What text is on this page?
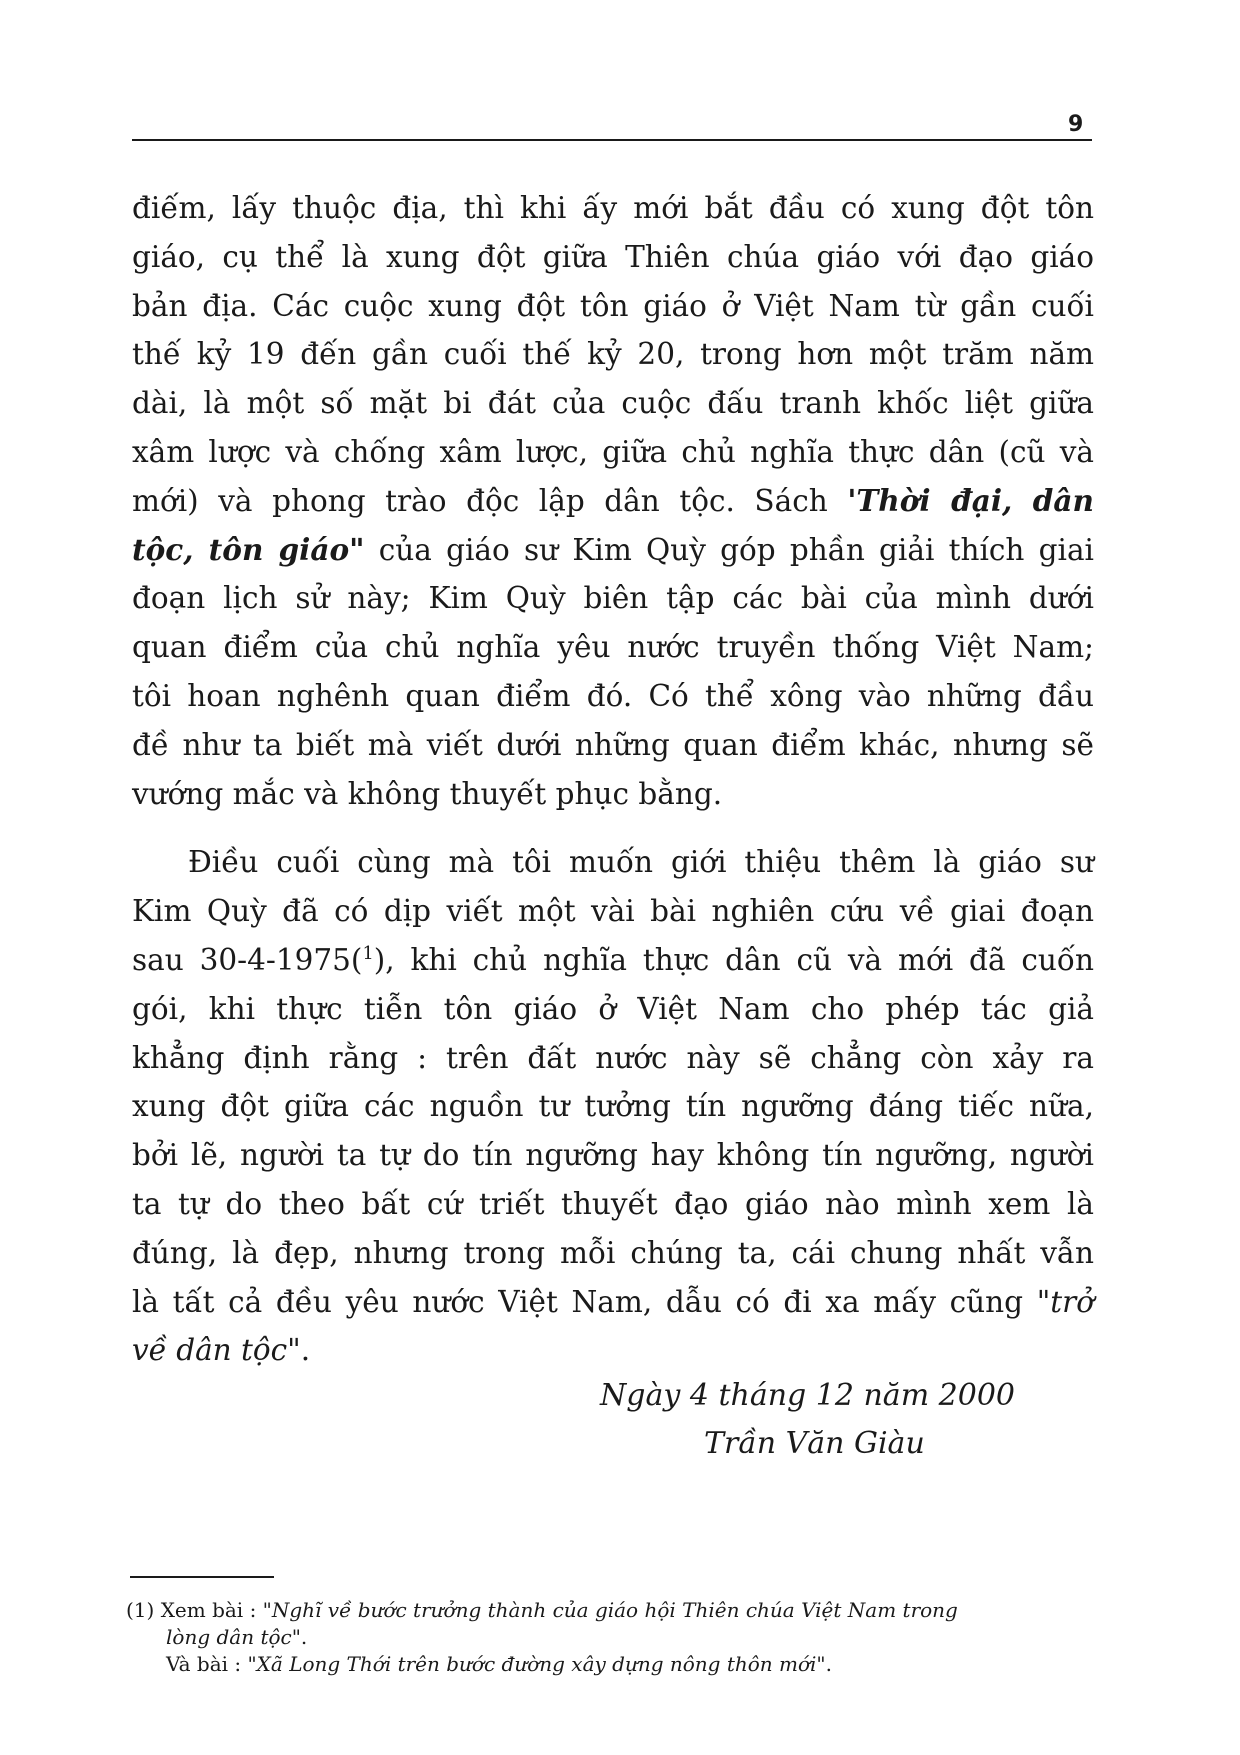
9
điếm, lấy thuộc địa, thì khi ấy mới bắt đầu có xung đột tôn
giáo, cụ thể là xung đột giữa Thiên chúa giáo với đạo giáo
bản địa. Các cuộc xung đột tôn giáo ở Việt Nam từ gần cuối
thế kỷ 19 đến gần cuối thế kỷ 20, trong hơn một trăm năm
dài, là một số mặt bi đát của cuộc đấu tranh khốc liệt giữa
xâm lược và chống xâm lược, giữa chủ nghĩa thực dân (cũ và
mới) và phong trào độc lập dân tộc. Sách 'Thời đại, dân
tộc, tôn giáo" của giáo sư Kim Quỳ góp phần giải thích giai
đoạn lịch sử này; Kim Quỳ biên tập các bài của mình dưới
quan điểm của chủ nghĩa yêu nước truyền thống Việt Nam;
tôi hoan nghênh quan điểm đó. Có thể xông vào những đầu
đề như ta biết mà viết dưới những quan điểm khác, nhưng sẽ
vướng mắc và không thuyết phục bằng.
Điều cuối cùng mà tôi muốn giới thiệu thêm là giáo sư
Kim Quỳ đã có dịp viết một vài bài nghiên cứu về giai đoạn
sau 30-4-1975($^1$), khi chủ nghĩa thực dân cũ và mới đã cuốn
gói, khi thực tiễn tôn giáo ở Việt Nam cho phép tác giả
khẳng định rằng : trên đất nước này sẽ chẳng còn xảy ra
xung đột giữa các nguồn tư tưởng tín ngưỡng đáng tiếc nữa,
bởi lẽ, người ta tự do tín ngưỡng hay không tín ngưỡng, người
ta tự do theo bất cứ triết thuyết đạo giáo nào mình xem là
đúng, là đẹp, nhưng trong mỗi chúng ta, cái chung nhất vẫn
là tất cả đều yêu nước Việt Nam, dẫu có đi xa mấy cũng "trở
về dân tộc".
Ngày 4 tháng 12 năm 2000
Trần Văn Giàu
(1) Xem bài : "Nghĩ về bước trưởng thành của giáo hội Thiên chúa Việt Nam trong
lòng dân tộc".
Và bài : "Xã Long Thới trên bước đường xây dựng nông thôn mới".
